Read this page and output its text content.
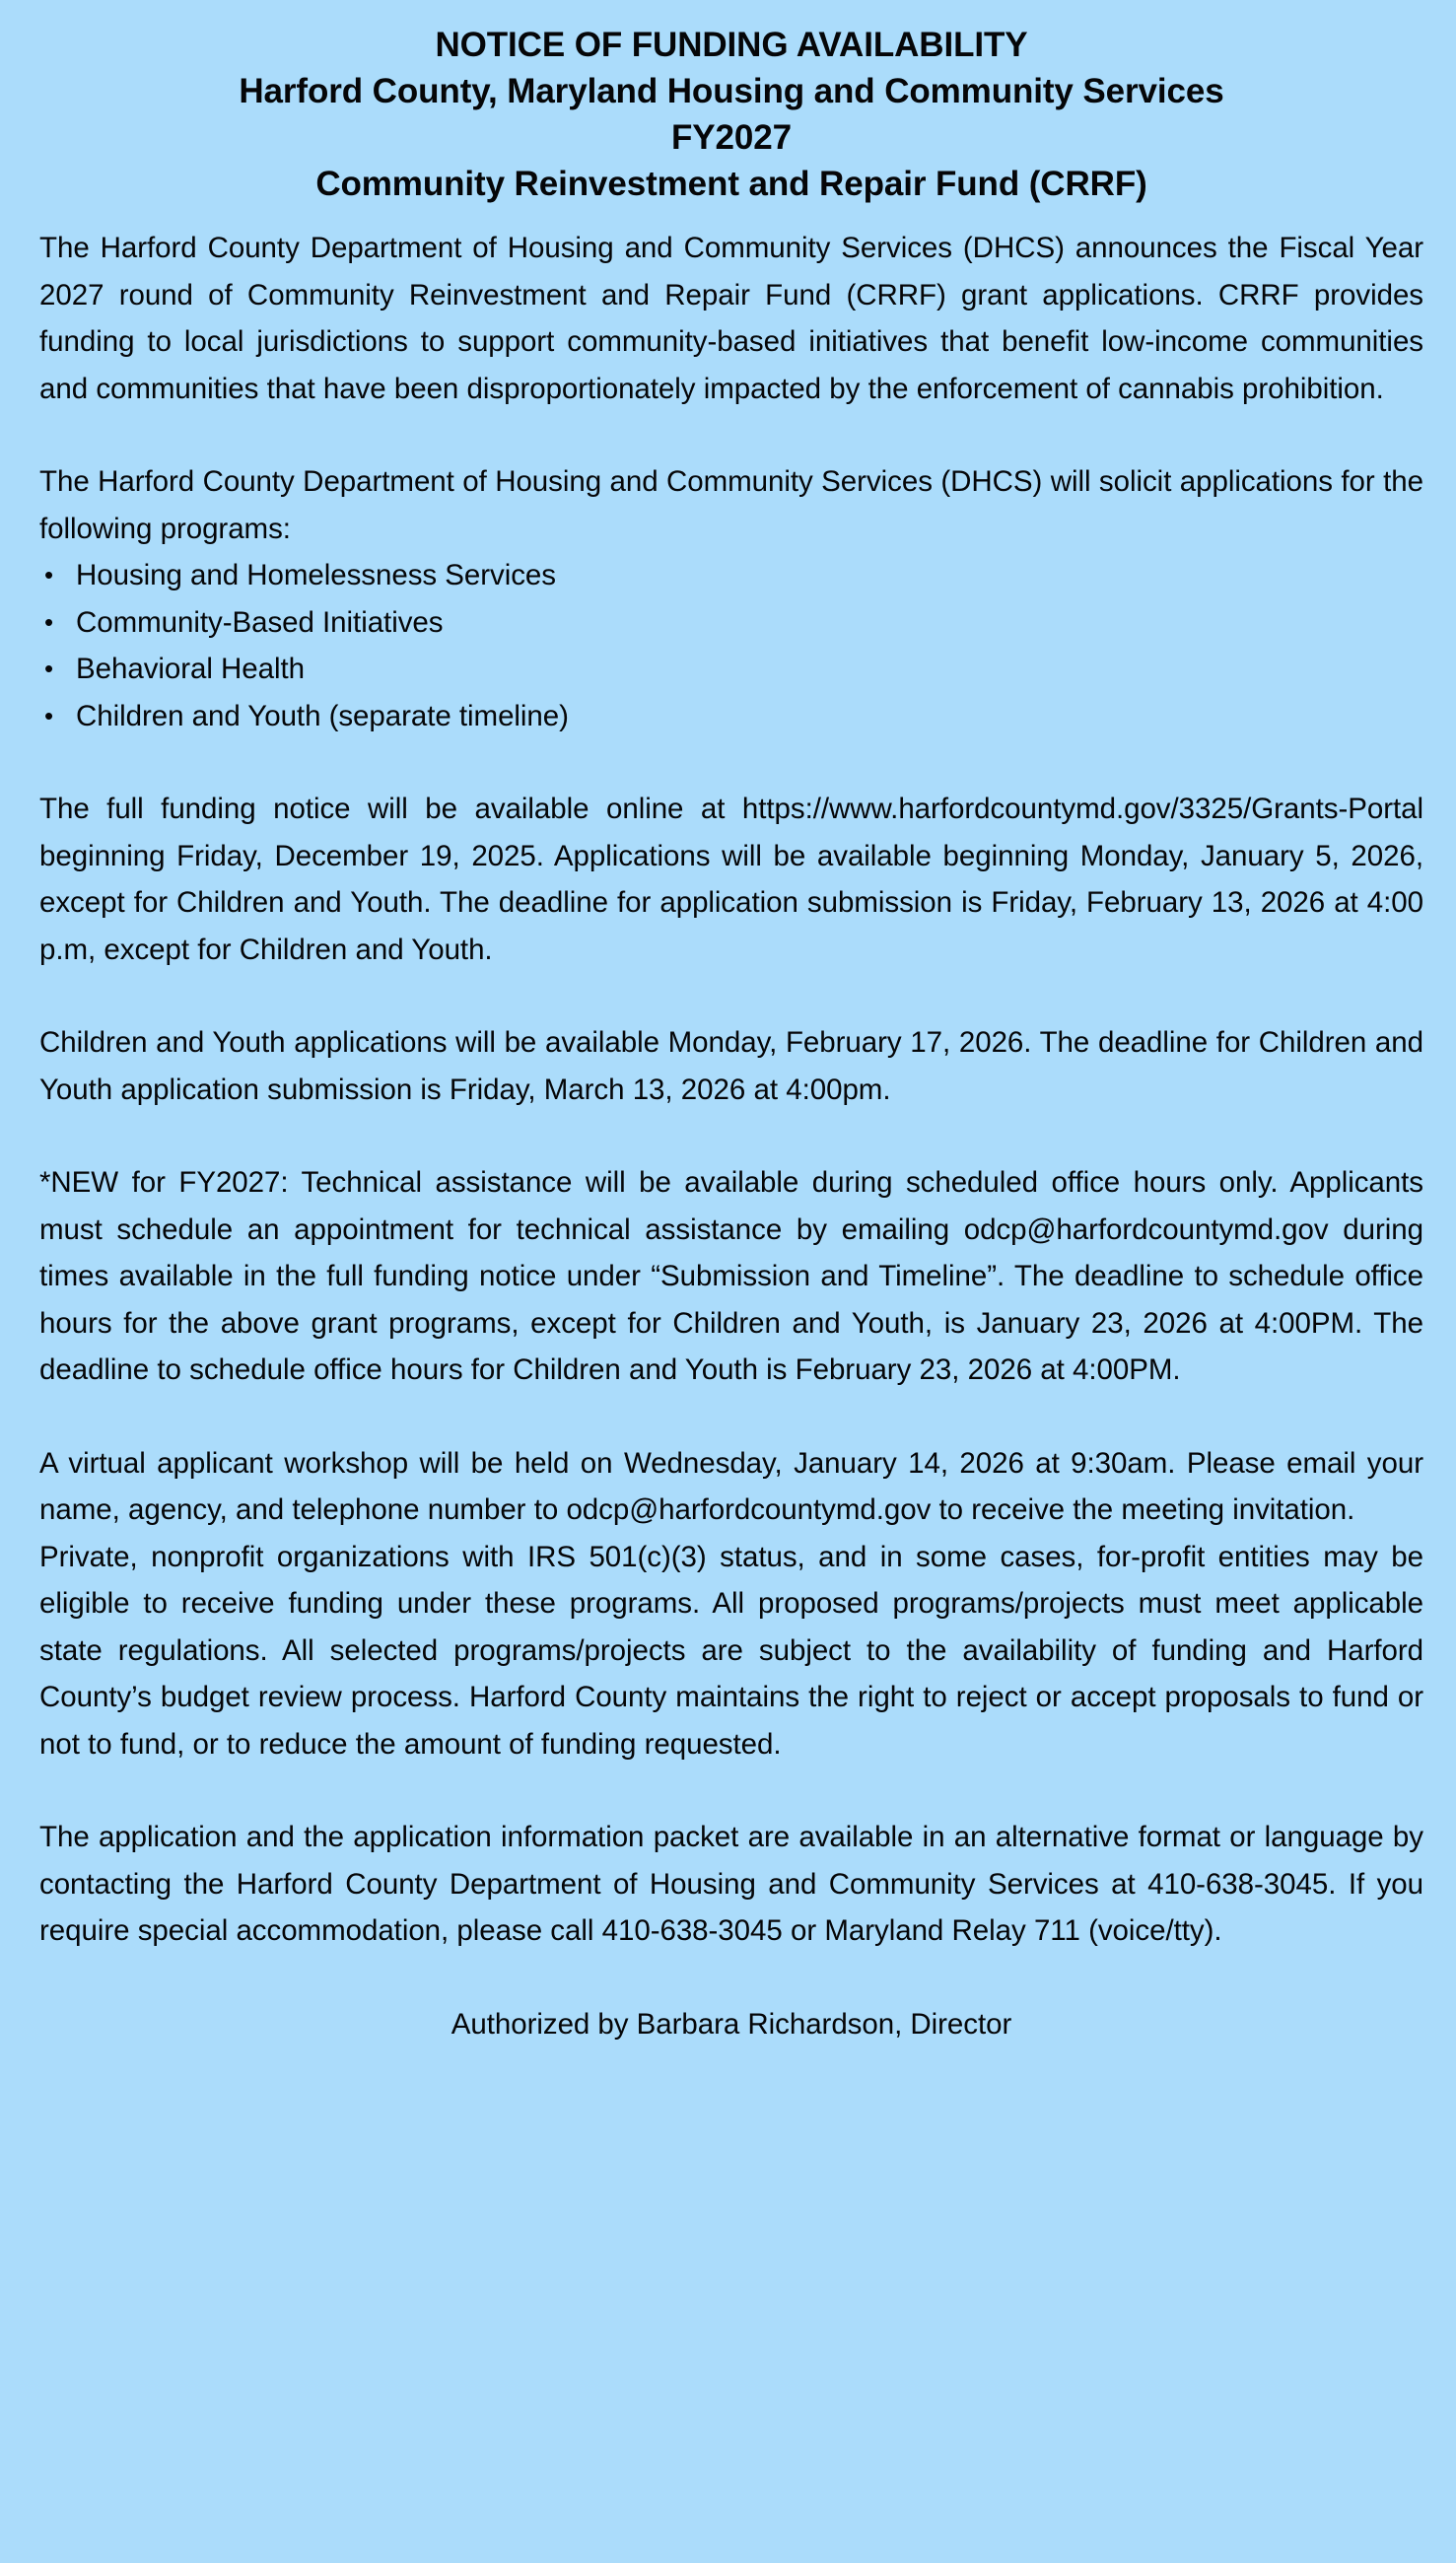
NOTICE OF FUNDING AVAILABILITY
Harford County, Maryland Housing and Community Services
FY2027
Community Reinvestment and Repair Fund (CRRF)

The Harford County Department of Housing and Community Services (DHCS) announces the Fiscal Year 2027 round of Community Reinvestment and Repair Fund (CRRF) grant applications. CRRF provides funding to local jurisdictions to support community-based initiatives that benefit low-income communities and communities that have been disproportionately impacted by the enforcement of cannabis prohibition.

The Harford County Department of Housing and Community Services (DHCS) will solicit applications for the following programs:

• Housing and Homelessness Services
• Community-Based Initiatives
• Behavioral Health
• Children and Youth (separate timeline)

The full funding notice will be available online at https://www.harfordcountymd.gov/3325/Grants-Portal beginning Friday, December 19, 2025. Applications will be available beginning Monday, January 5, 2026, except for Children and Youth. The deadline for application submission is Friday, February 13, 2026 at 4:00 p.m, except for Children and Youth.

Children and Youth applications will be available Monday, February 17, 2026. The deadline for Children and Youth application submission is Friday, March 13, 2026 at 4:00pm.

*NEW for FY2027: Technical assistance will be available during scheduled office hours only. Applicants must schedule an appointment for technical assistance by emailing odcp@harfordcountymd.gov during times available in the full funding notice under “Submission and Timeline”. The deadline to schedule office hours for the above grant programs, except for Children and Youth, is January 23, 2026 at 4:00PM. The deadline to schedule office hours for Children and Youth is February 23, 2026 at 4:00PM.

A virtual applicant workshop will be held on Wednesday, January 14, 2026 at 9:30am. Please email your name, agency, and telephone number to odcp@harfordcountymd.gov to receive the meeting invitation.

Private, nonprofit organizations with IRS 501(c)(3) status, and in some cases, for-profit entities may be eligible to receive funding under these programs. All proposed programs/projects must meet applicable state regulations. All selected programs/projects are subject to the availability of funding and Harford County’s budget review process. Harford County maintains the right to reject or accept proposals to fund or not to fund, or to reduce the amount of funding requested.

The application and the application information packet are available in an alternative format or language by contacting the Harford County Department of Housing and Community Services at 410-638-3045. If you require special accommodation, please call 410-638-3045 or Maryland Relay 711 (voice/tty).

Authorized by Barbara Richardson, Director
